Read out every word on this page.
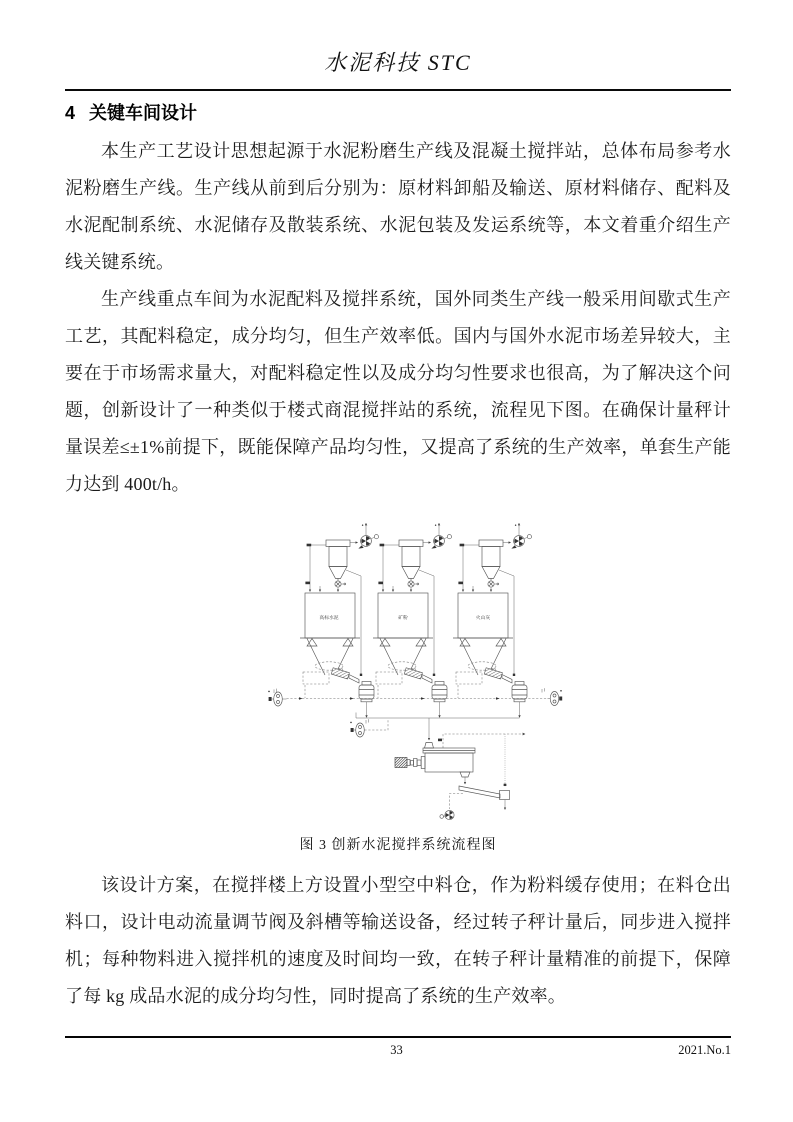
水泥科技 STC
4 关键车间设计

本生产工艺设计思想起源于水泥粉磨生产线及混凝土搅拌站，总体布局参考水泥粉磨生产线。生产线从前到后分别为：原材料卸船及输送、原材料储存、配料及水泥配制系统、水泥储存及散装系统、水泥包装及发运系统等，本文着重介绍生产线关键系统。

生产线重点车间为水泥配料及搅拌系统，国外同类生产线一般采用间歇式生产工艺，其配料稳定，成分均匀，但生产效率低。国内与国外水泥市场差异较大，主要在于市场需求量大，对配料稳定性以及成分均匀性要求也很高，为了解决这个问题，创新设计了一种类似于楼式商混搅拌站的系统，流程见下图。在确保计量秤计量误差≤±1%前提下，既能保障产品均匀性，又提高了系统的生产效率，单套生产能力达到 400t/h。

高标水泥	矿粉	火山灰
图 3 创新水泥搅拌系统流程图

该设计方案，在搅拌楼上方设置小型空中料仓，作为粉料缓存使用；在料仓出料口，设计电动流量调节阀及斜槽等输送设备，经过转子秤计量后，同步进入搅拌机；每种物料进入搅拌机的速度及时间均一致，在转子秤计量精准的前提下，保障了每 kg 成品水泥的成分均匀性，同时提高了系统的生产效率。

33	2021.No.1
